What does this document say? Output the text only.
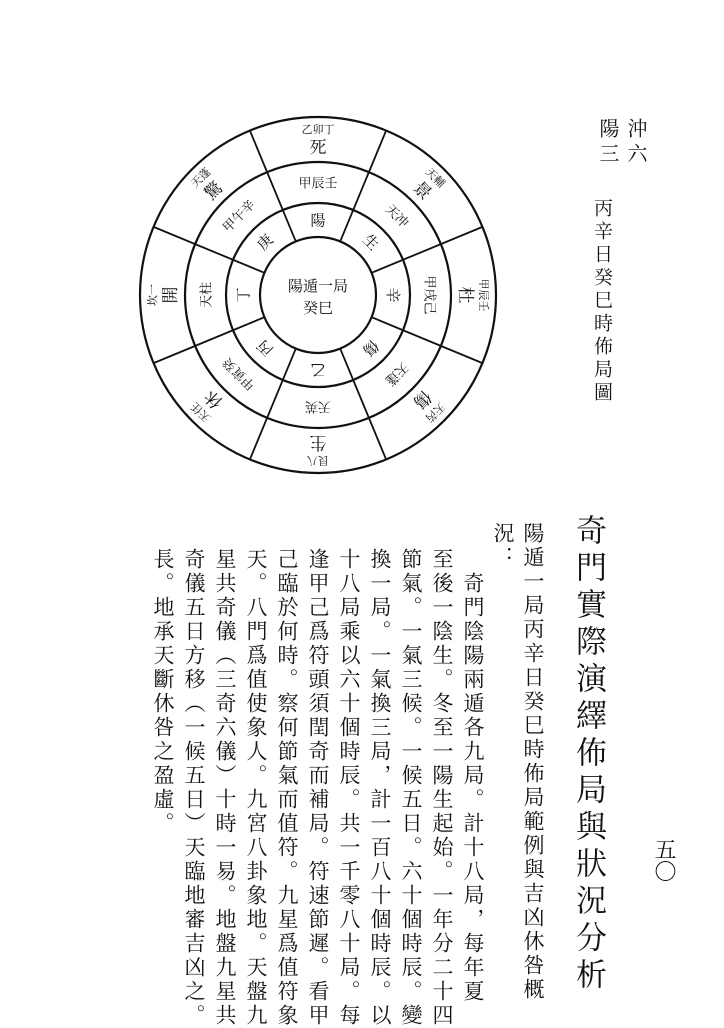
五〇
沖六
陽三
丙辛日癸巳時佈局圖
陽
生
辛
傷
乙
丙
丁
庚
甲辰壬
天冲
甲戌己
天蓬
天英
甲寅癸
天柱
甲午辛
死
景
杜
傷
生
休
開
驚
乙卯丁
天輔
甲辰壬
天芮
艮八
天任
坎一
天蓬
陽遁一局
癸巳
奇門實際演繹佈局與狀況分析
陽遁一局丙辛日癸巳時佈局範例與吉凶休咎概
況：
　奇門陰陽兩遁各九局。計十八局，每年夏
至後一陰生。冬至一陽生起始。一年分二十四
節氣。一氣三候。一候五日。六十個時辰。變
換一局。一氣換三局，計一百八十個時辰。以
十八局乘以六十個時辰。共一千零八十局。每
逢甲己爲符頭須閏奇而補局。符速節遲。看甲
己臨於何時。察何節氣而值符。九星爲值符象
天。八門爲值使象人。九宮八卦象地。天盤九
星共奇儀（三奇六儀）十時一易。地盤九星共
奇儀五日方移（一候五日）天臨地審吉凶之。
長。地承天斷休咎之盈虛。
